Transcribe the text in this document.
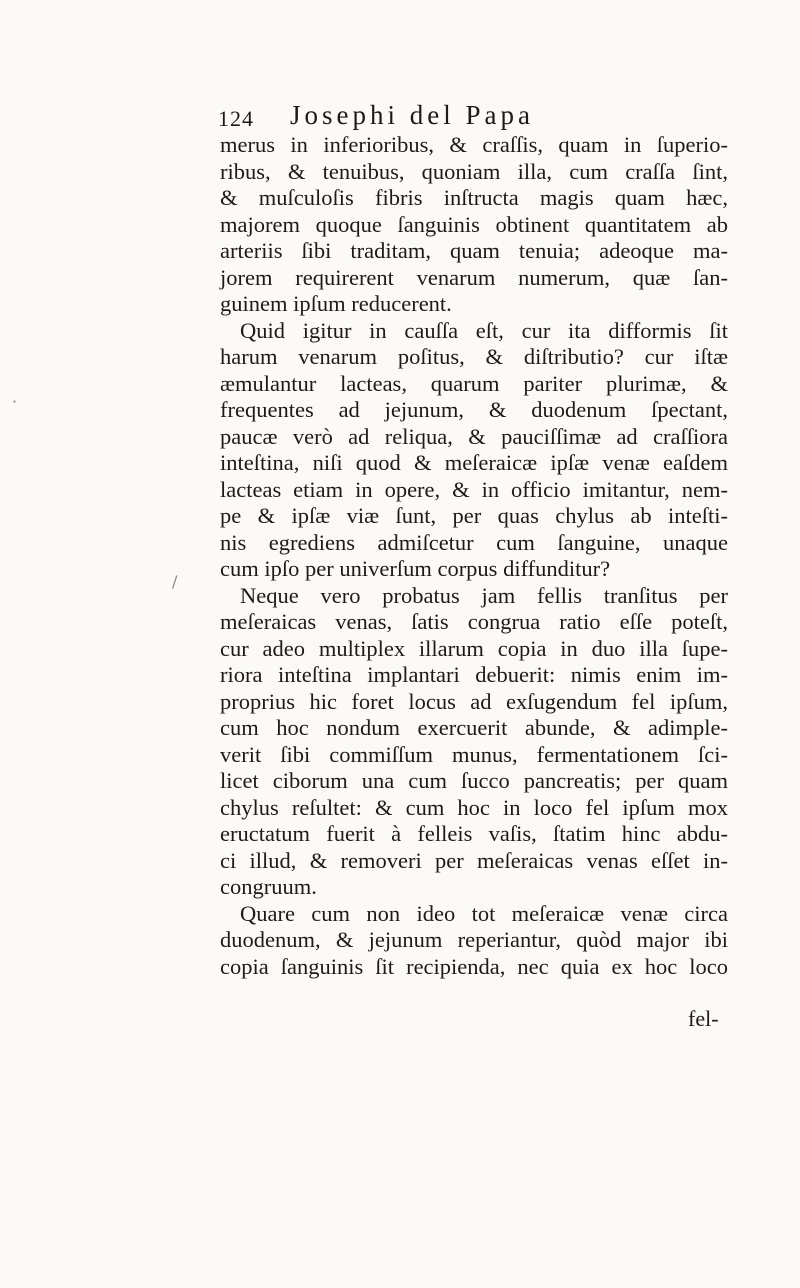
124 Josephi del Papa
merus in inferioribus, & craſſis, quam in ſuperio-
ribus, & tenuibus, quoniam illa, cum craſſa ſint,
& muſculoſis fibris inſtructa magis quam hæc,
majorem quoque ſanguinis obtinent quantitatem ab
arteriis ſibi traditam, quam tenuia; adeoque ma-
jorem requirerent venarum numerum, quæ ſan-
guinem ipſum reducerent.
Quid igitur in cauſſa eſt, cur ita difformis ſit
harum venarum poſitus, & diſtributio? cur iſtæ
æmulantur lacteas, quarum pariter plurimæ, &
frequentes ad jejunum, & duodenum ſpectant,
paucæ verò ad reliqua, & pauciſſimæ ad craſſiora
inteſtina, niſi quod & meſeraicæ ipſæ venæ eaſdem
lacteas etiam in opere, & in officio imitantur, nem-
pe & ipſæ viæ ſunt, per quas chylus ab inteſti-
nis egrediens admiſcetur cum ſanguine, unaque
cum ipſo per univerſum corpus diffunditur?
Neque vero probatus jam fellis tranſitus per
meſeraicas venas, ſatis congrua ratio eſſe poteſt,
cur adeo multiplex illarum copia in duo illa ſupe-
riora inteſtina implantari debuerit: nimis enim im-
proprius hic foret locus ad exſugendum fel ipſum,
cum hoc nondum exercuerit abunde, & adimple-
verit ſibi commiſſum munus, fermentationem ſci-
licet ciborum una cum ſucco pancreatis; per quam
chylus reſultet: & cum hoc in loco fel ipſum mox
eructatum fuerit à felleis vaſis, ſtatim hinc abdu-
ci illud, & removeri per meſeraicas venas eſſet in-
congruum.
Quare cum non ideo tot meſeraicæ venæ circa
duodenum, & jejunum reperiantur, quòd major ibi
copia ſanguinis ſit recipienda, nec quia ex hoc loco
fel-
·
/
